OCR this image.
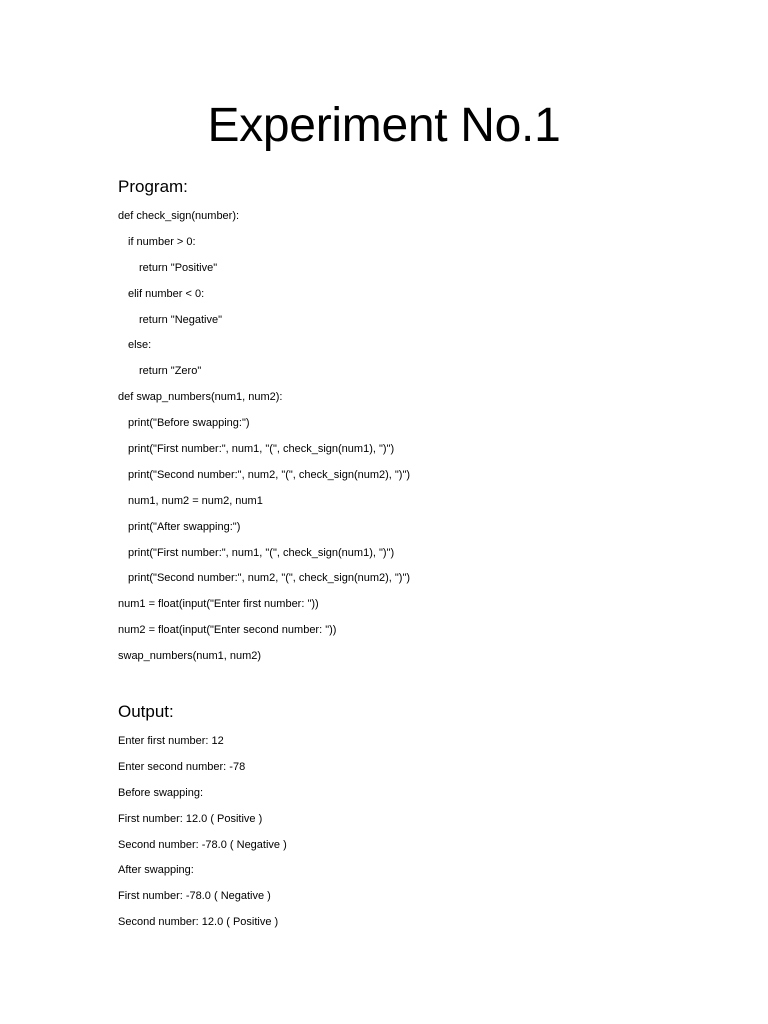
Experiment No.1
Program:
def check_sign(number):
if number > 0:
return "Positive"
elif number < 0:
return "Negative"
else:
return "Zero"
def swap_numbers(num1, num2):
print("Before swapping:")
print("First number:", num1, "(", check_sign(num1), ")")
print("Second number:", num2, "(", check_sign(num2), ")")
num1, num2 = num2, num1
print("After swapping:")
print("First number:", num1, "(", check_sign(num1), ")")
print("Second number:", num2, "(", check_sign(num2), ")")
num1 = float(input("Enter first number: "))
num2 = float(input("Enter second number: "))
swap_numbers(num1, num2)
Output:
Enter first number: 12
Enter second number: -78
Before swapping:
First number: 12.0 ( Positive )
Second number: -78.0 ( Negative )
After swapping:
First number: -78.0 ( Negative )
Second number: 12.0 ( Positive )
